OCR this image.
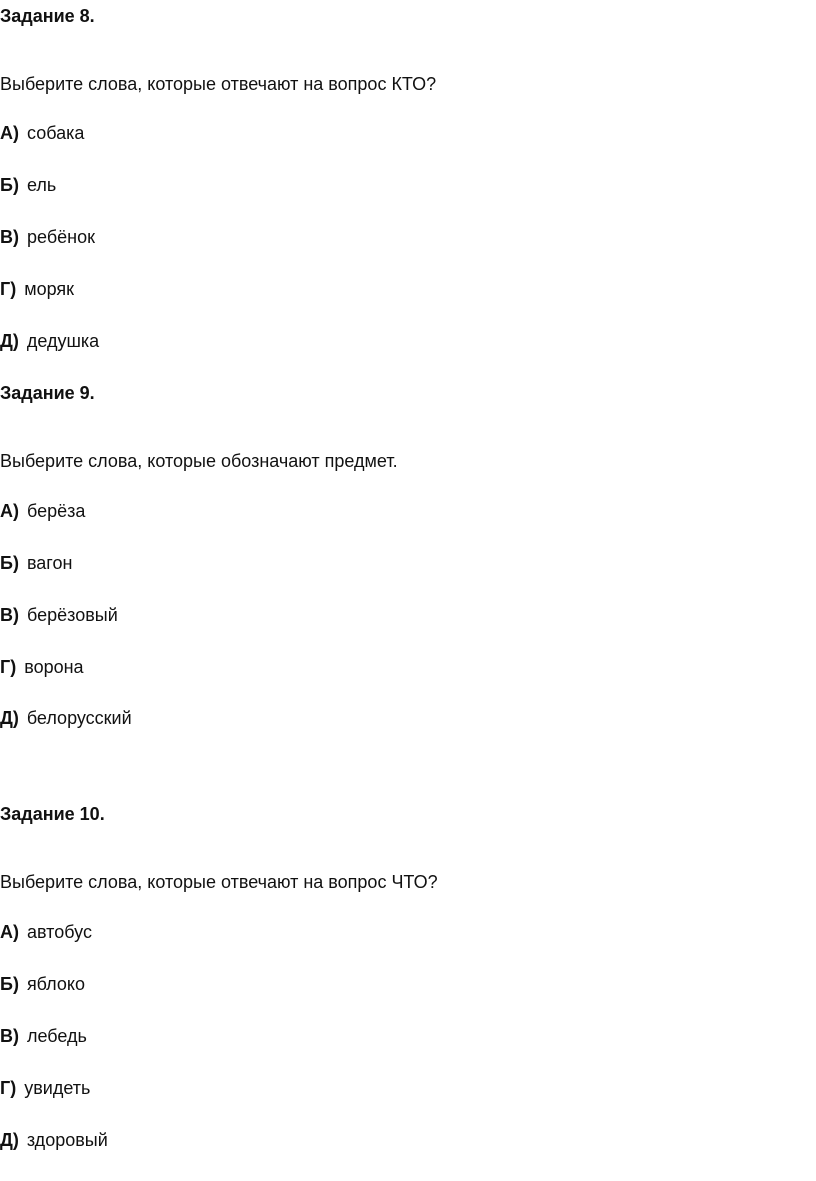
Задание 8.
Выберите слова, которые отвечают на вопрос КТО?
А) собака
Б) ель
В) ребёнок
Г) моряк
Д) дедушка
Задание 9.
Выберите слова, которые обозначают предмет.
А) берёза
Б) вагон
В) берёзовый
Г) ворона
Д) белорусский
Задание 10.
Выберите слова, которые отвечают на вопрос ЧТО?
А) автобус
Б) яблоко
В) лебедь
Г) увидеть
Д) здоровый
